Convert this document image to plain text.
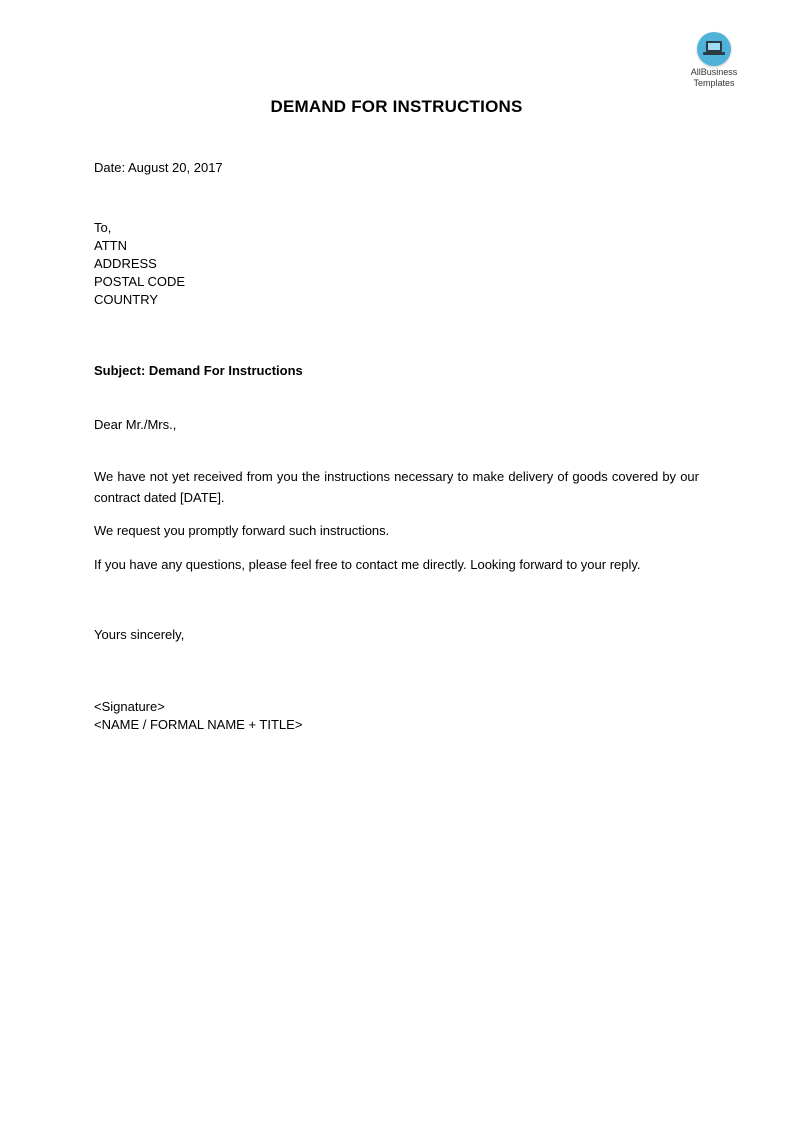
AllBusiness
Templates
DEMAND FOR INSTRUCTIONS
Date: August 20, 2017
To,
ATTN
ADDRESS
POSTAL CODE
COUNTRY
Subject: Demand For Instructions
Dear Mr./Mrs.,
We have not yet received from you the instructions necessary to make delivery of goods covered by our contract dated [DATE].
We request you promptly forward such instructions.
If you have any questions, please feel free to contact me directly. Looking forward to your reply.
Yours sincerely,
<Signature>
<NAME / FORMAL NAME + TITLE>
